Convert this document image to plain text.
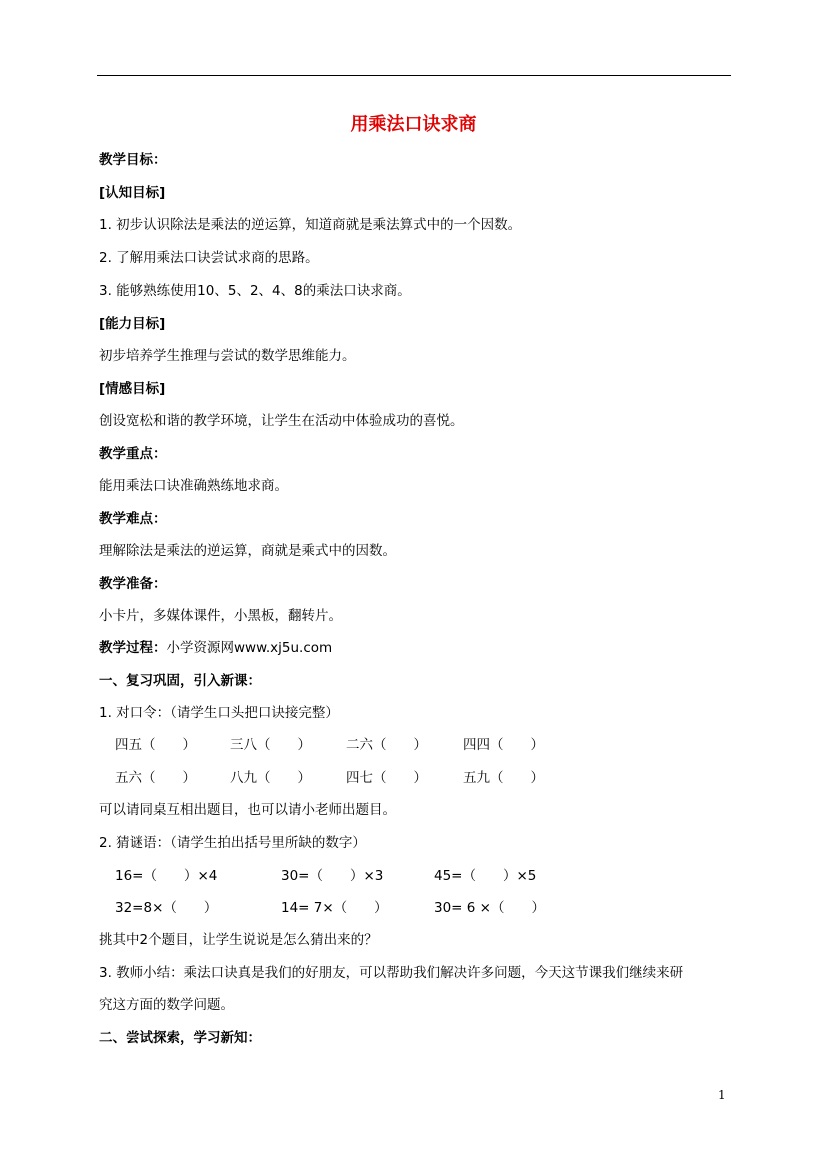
用乘法口诀求商
教学目标：
[认知目标]
1. 初步认识除法是乘法的逆运算，知道商就是乘法算式中的一个因数。
2. 了解用乘法口诀尝试求商的思路。
3. 能够熟练使用10、5、2、4、8的乘法口诀求商。
[能力目标]
初步培养学生推理与尝试的数学思维能力。
[情感目标]
创设宽松和谐的教学环境，让学生在活动中体验成功的喜悦。
教学重点：
能用乘法口诀准确熟练地求商。
教学难点：
理解除法是乘法的逆运算，商就是乘式中的因数。
教学准备：
小卡片，多媒体课件，小黑板，翻转片。
教学过程：小学资源网www.xj5u.com
一、复习巩固，引入新课：
1. 对口令：（请学生口头把口诀接完整）
四五（　　）	三八（　　）	二六（　　）	四四（　　）
五六（　　）	八九（　　）	四七（　　）	五九（　　）
可以请同桌互相出题目，也可以请小老师出题目。
2. 猜谜语：（请学生拍出括号里所缺的数字）
16=（　　）×4	30=（　　）×3	45=（　　）×5
32=8×（　　）	14= 7×（　　）	30= 6 ×（　　）
挑其中2个题目，让学生说说是怎么猜出来的？
3. 教师小结：乘法口诀真是我们的好朋友，可以帮助我们解决许多问题，今天这节课我们继续来研
究这方面的数学问题。
二、尝试探索，学习新知：
1
